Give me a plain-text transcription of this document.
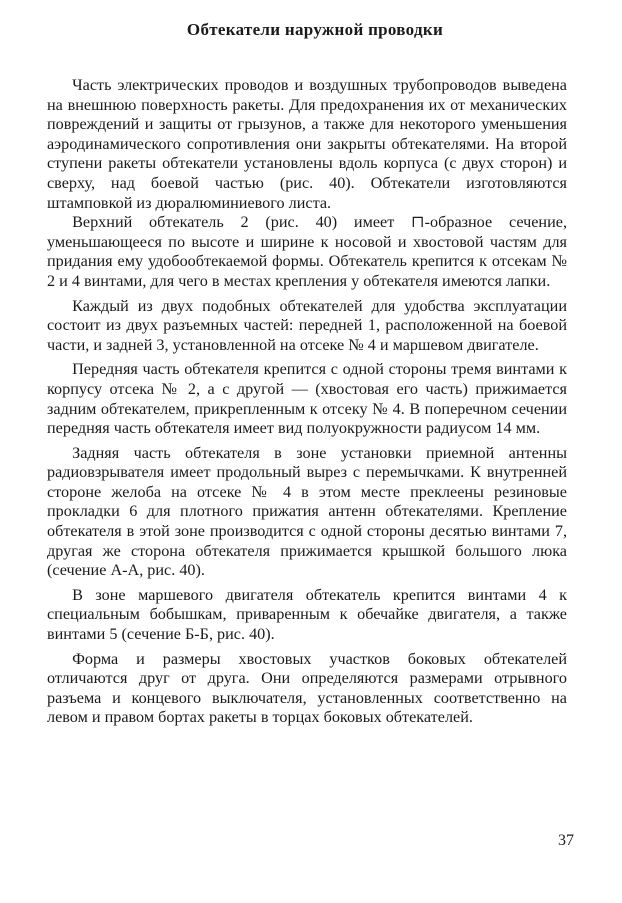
Обтекатели наружной проводки

Часть электрических проводов и воздушных трубопроводов выведена на внешнюю поверхность ракеты. Для предохранения их от механических повреждений и защиты от грызунов, а также для некоторого уменьшения аэродинамического сопротивления они закрыты обтекателями. На второй ступени ракеты обтекатели установлены вдоль корпуса (с двух сторон) и сверху, над боевой частью (рис. 40). Обтекатели изготовляются штамповкой из дюралюминиевого листа.

Верхний обтекатель 2 (рис. 40) имеет ⊓-образное сечение, уменьшающееся по высоте и ширине к носовой и хвостовой частям для придания ему удобообтекаемой формы. Обтекатель крепится к отсекам № 2 и 4 винтами, для чего в местах крепления у обтекателя имеются лапки.

Каждый из двух подобных обтекателей для удобства эксплуатации состоит из двух разъемных частей: передней 1, расположенной на боевой части, и задней 3, установленной на отсеке № 4 и маршевом двигателе.

Передняя часть обтекателя крепится с одной стороны тремя винтами к корпусу отсека № 2, а с другой — (хвостовая его часть) прижимается задним обтекателем, прикрепленным к отсеку № 4. В поперечном сечении передняя часть обтекателя имеет вид полуокружности радиусом 14 мм.

Задняя часть обтекателя в зоне установки приемной антенны радиовзрывателя имеет продольный вырез с перемычками. К внутренней стороне желоба на отсеке № 4 в этом месте преклеены резиновые прокладки 6 для плотного прижатия антенн обтекателями. Крепление обтекателя в этой зоне производится с одной стороны десятью винтами 7, другая же сторона обтекателя прижимается крышкой большого люка (сечение А-А, рис. 40).

В зоне маршевого двигателя обтекатель крепится винтами 4 к специальным бобышкам, приваренным к обечайке двигателя, а также винтами 5 (сечение Б-Б, рис. 40).

Форма и размеры хвостовых участков боковых обтекателей отличаются друг от друга. Они определяются размерами отрывного разъема и концевого выключателя, установленных соответственно на левом и правом бортах ракеты в торцах боковых обтекателей.

37
